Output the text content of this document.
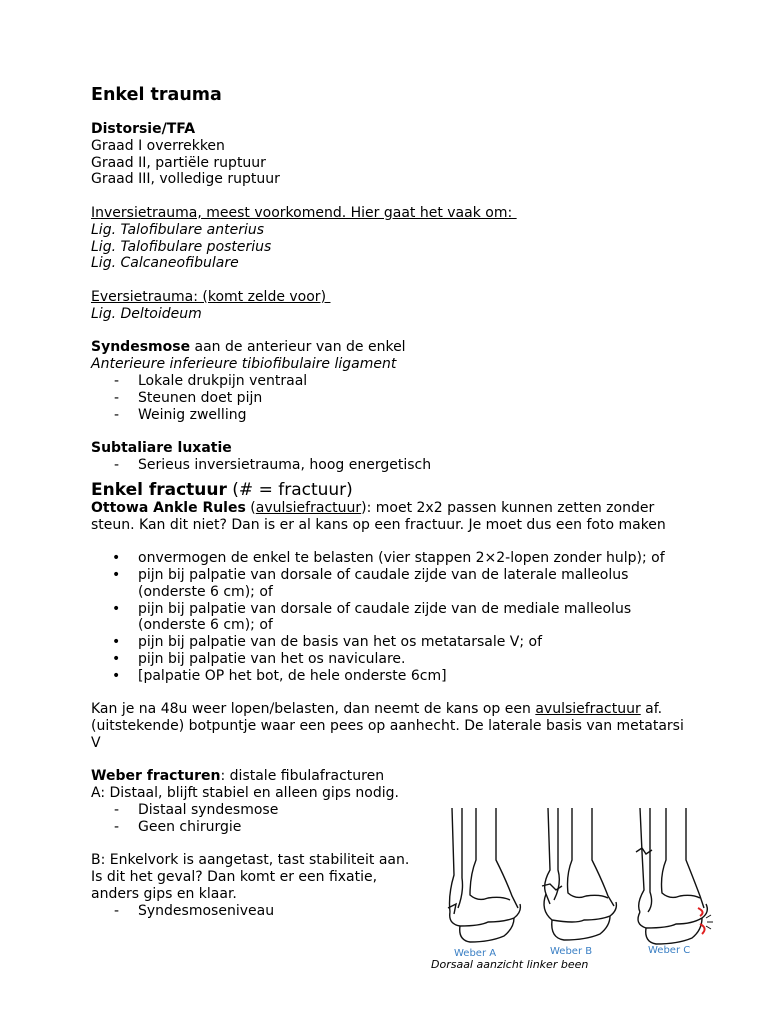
Enkel trauma

Distorsie/TFA

Graad I overrekken

Graad II, partiële ruptuur

Graad III, volledige ruptuur

Inversietrauma, meest voorkomend. Hier gaat het vaak om:

Lig. Talofibulare anterius

Lig. Talofibulare posterius

Lig. Calcaneofibulare

Eversietrauma: (komt zelde voor)

Lig. Deltoideum

Syndesmose aan de anterieur van de enkel

Anterieure inferieure tibiofibulaire ligament

- Lokale drukpijn ventraal
- Steunen doet pijn
- Weinig zwelling

Subtaliare luxatie

- Serieus inversietrauma, hoog energetisch
Enkel fractuur (# = fractuur)

Ottowa Ankle Rules (avulsiefractuur): moet 2x2 passen kunnen zetten zonder steun. Kan dit niet? Dan is er al kans op een fractuur. Je moet dus een foto maken

• onvermogen de enkel te belasten (vier stappen 2×2-lopen zonder hulp); of
• pijn bij palpatie van dorsale of caudale zijde van de laterale malleolus (onderste 6 cm); of
• pijn bij palpatie van dorsale of caudale zijde van de mediale malleolus (onderste 6 cm); of
• pijn bij palpatie van de basis van het os metatarsale V; of
• pijn bij palpatie van het os naviculare.
• [palpatie OP het bot, de hele onderste 6cm]

Kan je na 48u weer lopen/belasten, dan neemt de kans op een avulsiefractuur af. (uitstekende) botpuntje waar een pees op aanhecht. De laterale basis van metatarsi V

Weber fracturen: distale fibulafracturen

A: Distaal, blijft stabiel en alleen gips nodig.

- Distaal syndesmose
- Geen chirurgie

B: Enkelvork is aangetast, tast stabiliteit aan. Is dit het geval? Dan komt er een fixatie, anders gips en klaar.

- Syndesmoseniveau
Weber A	Weber B	Weber C
Dorsaal aanzicht linker been
